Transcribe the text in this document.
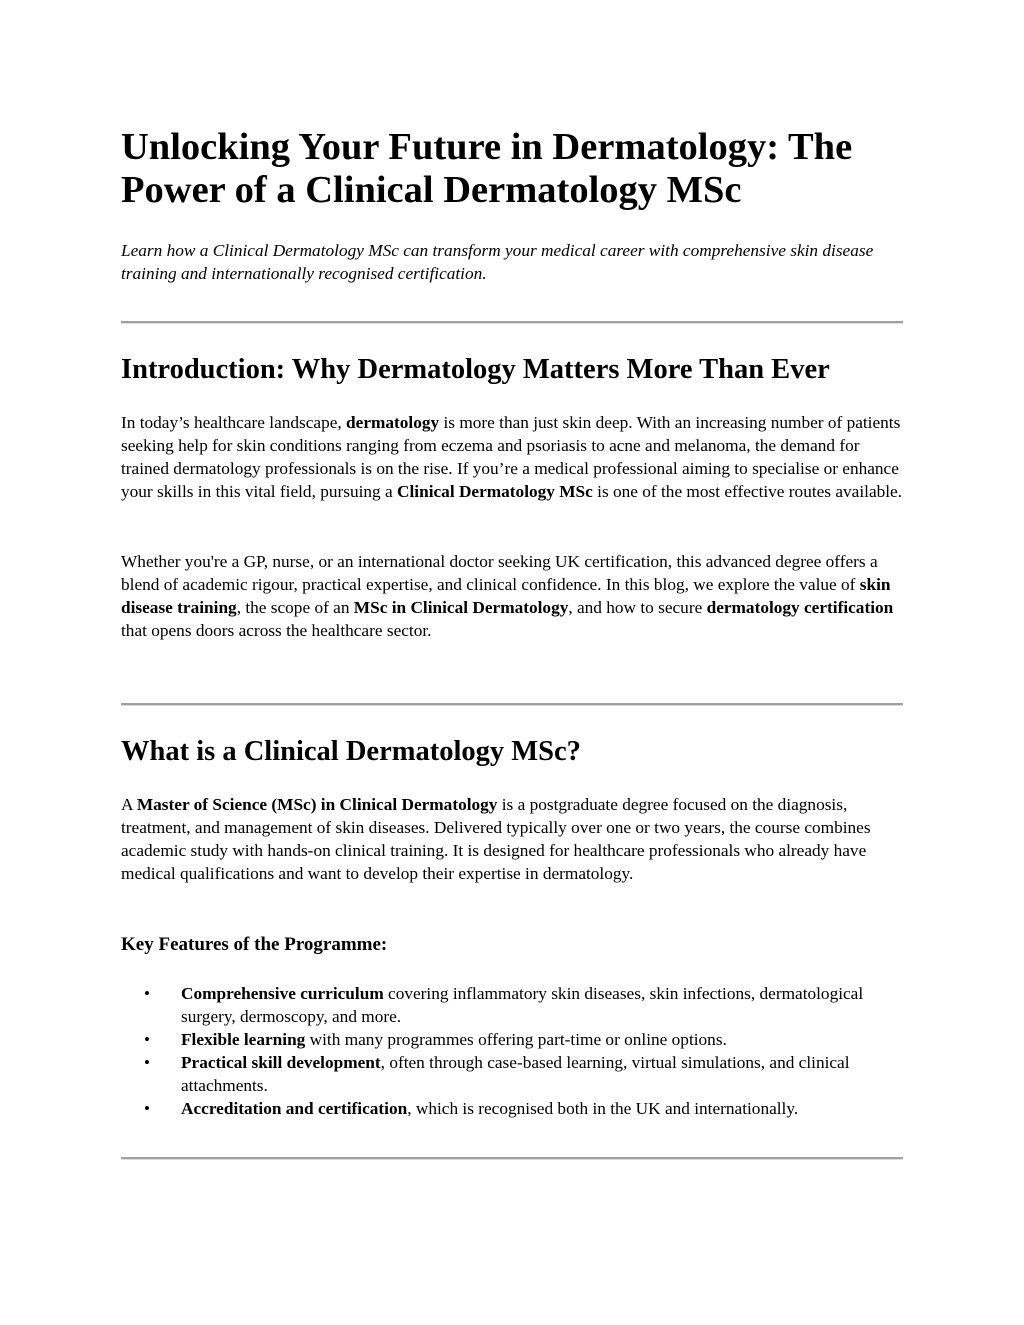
Unlocking Your Future in Dermatology: The Power of a Clinical Dermatology MSc

Learn how a Clinical Dermatology MSc can transform your medical career with comprehensive skin disease training and internationally recognised certification.

Introduction: Why Dermatology Matters More Than Ever

In today’s healthcare landscape, dermatology is more than just skin deep. With an increasing number of patients seeking help for skin conditions ranging from eczema and psoriasis to acne and melanoma, the demand for trained dermatology professionals is on the rise. If you’re a medical professional aiming to specialise or enhance your skills in this vital field, pursuing a Clinical Dermatology MSc is one of the most effective routes available.

Whether you're a GP, nurse, or an international doctor seeking UK certification, this advanced degree offers a blend of academic rigour, practical expertise, and clinical confidence. In this blog, we explore the value of skin disease training, the scope of an MSc in Clinical Dermatology, and how to secure dermatology certification that opens doors across the healthcare sector.

What is a Clinical Dermatology MSc?

A Master of Science (MSc) in Clinical Dermatology is a postgraduate degree focused on the diagnosis, treatment, and management of skin diseases. Delivered typically over one or two years, the course combines academic study with hands-on clinical training. It is designed for healthcare professionals who already have medical qualifications and want to develop their expertise in dermatology.

Key Features of the Programme:
• Comprehensive curriculum covering inflammatory skin diseases, skin infections, dermatological surgery, dermoscopy, and more.
• Flexible learning with many programmes offering part-time or online options.
• Practical skill development, often through case-based learning, virtual simulations, and clinical attachments.
• Accreditation and certification, which is recognised both in the UK and internationally.
